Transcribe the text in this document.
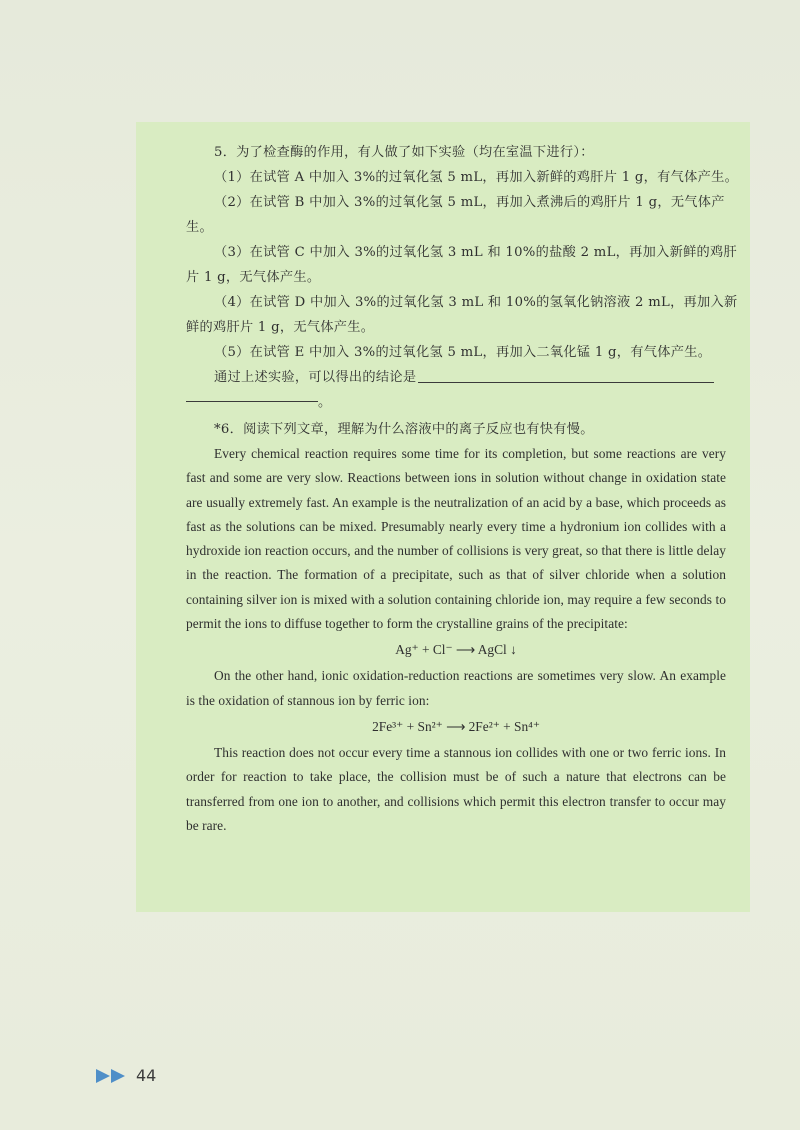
5．为了检查酶的作用，有人做了如下实验（均在室温下进行）：

（1）在试管 A 中加入 3%的过氧化氢 5 mL，再加入新鲜的鸡肝片 1 g，有气体产生。

（2）在试管 B 中加入 3%的过氧化氢 5 mL，再加入煮沸后的鸡肝片 1 g，无气体产

生。

（3）在试管 C 中加入 3%的过氧化氢 3 mL 和 10%的盐酸 2 mL，再加入新鲜的鸡肝

片 1 g，无气体产生。

（4）在试管 D 中加入 3%的过氧化氢 3 mL 和 10%的氢氧化钠溶液 2 mL，再加入新

鲜的鸡肝片 1 g，无气体产生。

（5）在试管 E 中加入 3%的过氧化氢 5 mL，再加入二氧化锰 1 g，有气体产生。

通过上述实验，可以得出的结论是

。

*6．阅读下列文章，理解为什么溶液中的离子反应也有快有慢。

Every chemical reaction requires some time for its completion, but some reactions are very fast and some are very slow. Reactions between ions in solution without change in oxidation state are usually extremely fast. An example is the neutralization of an acid by a base, which proceeds as fast as the solutions can be mixed. Presumably nearly every time a hydronium ion collides with a hydroxide ion reaction occurs, and the number of collisions is very great, so that there is little delay in the reaction. The formation of a precipitate, such as that of silver chloride when a solution containing silver ion is mixed with a solution containing chloride ion, may require a few seconds to permit the ions to diffuse together to form the crystalline grains of the precipitate:

Ag⁺ + Cl⁻ ⟶ AgCl ↓

On the other hand, ionic oxidation-reduction reactions are sometimes very slow. An example is the oxidation of stannous ion by ferric ion:

2Fe³⁺ + Sn²⁺ ⟶ 2Fe²⁺ + Sn⁴⁺

This reaction does not occur every time a stannous ion collides with one or two ferric ions. In order for reaction to take place, the collision must be of such a nature that electrons can be transferred from one ion to another, and collisions which permit this electron transfer to occur may be rare.

44
